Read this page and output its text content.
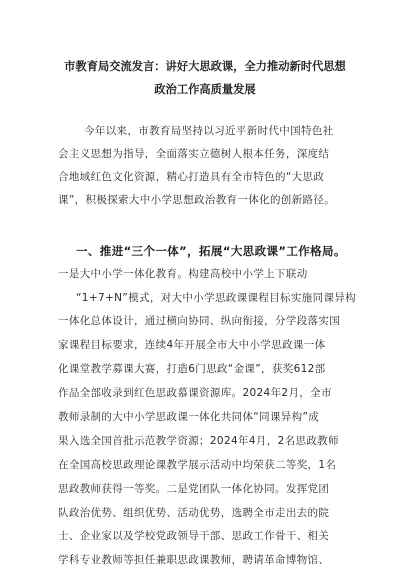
市教育局交流发言：讲好大思政课，全力推动新时代思想
政治工作高质量发展
今年以来，市教育局坚持以习近平新时代中国特色社
会主义思想为指导，全面落实立德树人根本任务，深度结
合地域红色文化资源，精心打造具有全市特色的“大思政
课”，积极探索大中小学思想政治教育一体化的创新路径。
一、推进“三个一体”，拓展“大思政课”工作格局。
一是大中小学一体化教育。构建高校中小学上下联动
“1+7+N”模式，对大中小学思政课课程目标实施同课异构
一体化总体设计，通过横向协同、纵向衔接，分学段落实国
家课程目标要求，连续4年开展全市大中小学思政课一体
化课堂教学募课大赛，打造6门思政“金课”，获奖612部
作品全部收录到红色思政慕课资源库。2024年2月，全市
教师录制的大中小学思政课一体化共同体“同课异构”成
果入选全国首批示范教学资源；2024年4月，2名思政教师
在全国高校思政理论课教学展示活动中均荣获二等奖，1名
思政教师获得一等奖。二是党团队一体化协同。发挥党团
队政治优势、组织优势、活动优势，选聘全市走出去的院
士、企业家以及学校党政领导干部、思政工作骨干、相关
学科专业教师等担任兼职思政课教师，聘请革命博物馆、
